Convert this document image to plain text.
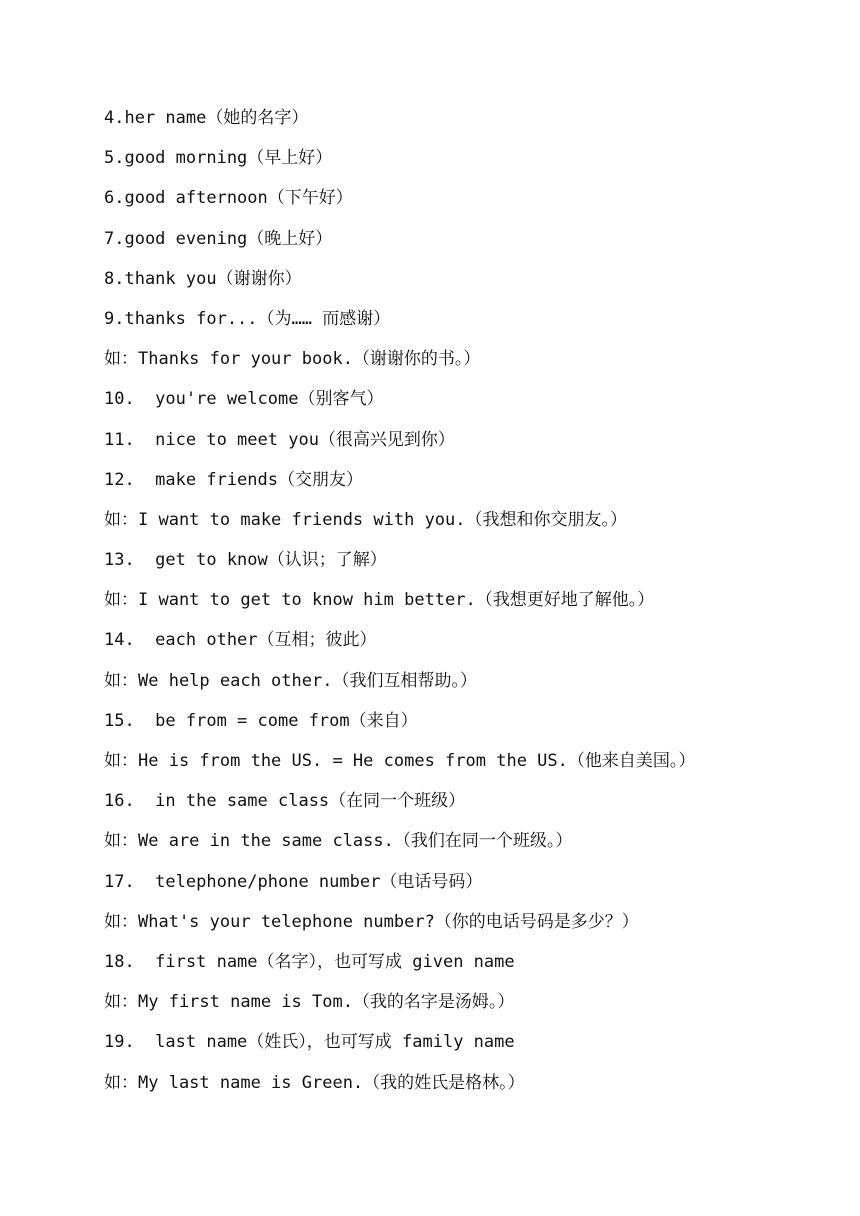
4.her name（她的名字）
5.good morning（早上好）
6.good afternoon（下午好）
7.good evening（晚上好）
8.thank you（谢谢你）
9.thanks for...（为…… 而感谢）
如：Thanks for your book.（谢谢你的书。）
10.  you're welcome（别客气）
11.  nice to meet you（很高兴见到你）
12.  make friends（交朋友）
如：I want to make friends with you.（我想和你交朋友。）
13.  get to know（认识；了解）
如：I want to get to know him better.（我想更好地了解他。）
14.  each other（互相；彼此）
如：We help each other.（我们互相帮助。）
15.  be from = come from（来自）
如：He is from the US. = He comes from the US.（他来自美国。）
16.  in the same class（在同一个班级）
如：We are in the same class.（我们在同一个班级。）
17.  telephone/phone number（电话号码）
如：What's your telephone number?（你的电话号码是多少？）
18.  first name（名字），也可写成 given name
如：My first name is Tom.（我的名字是汤姆。）
19.  last name（姓氏），也可写成 family name
如：My last name is Green.（我的姓氏是格林。）
